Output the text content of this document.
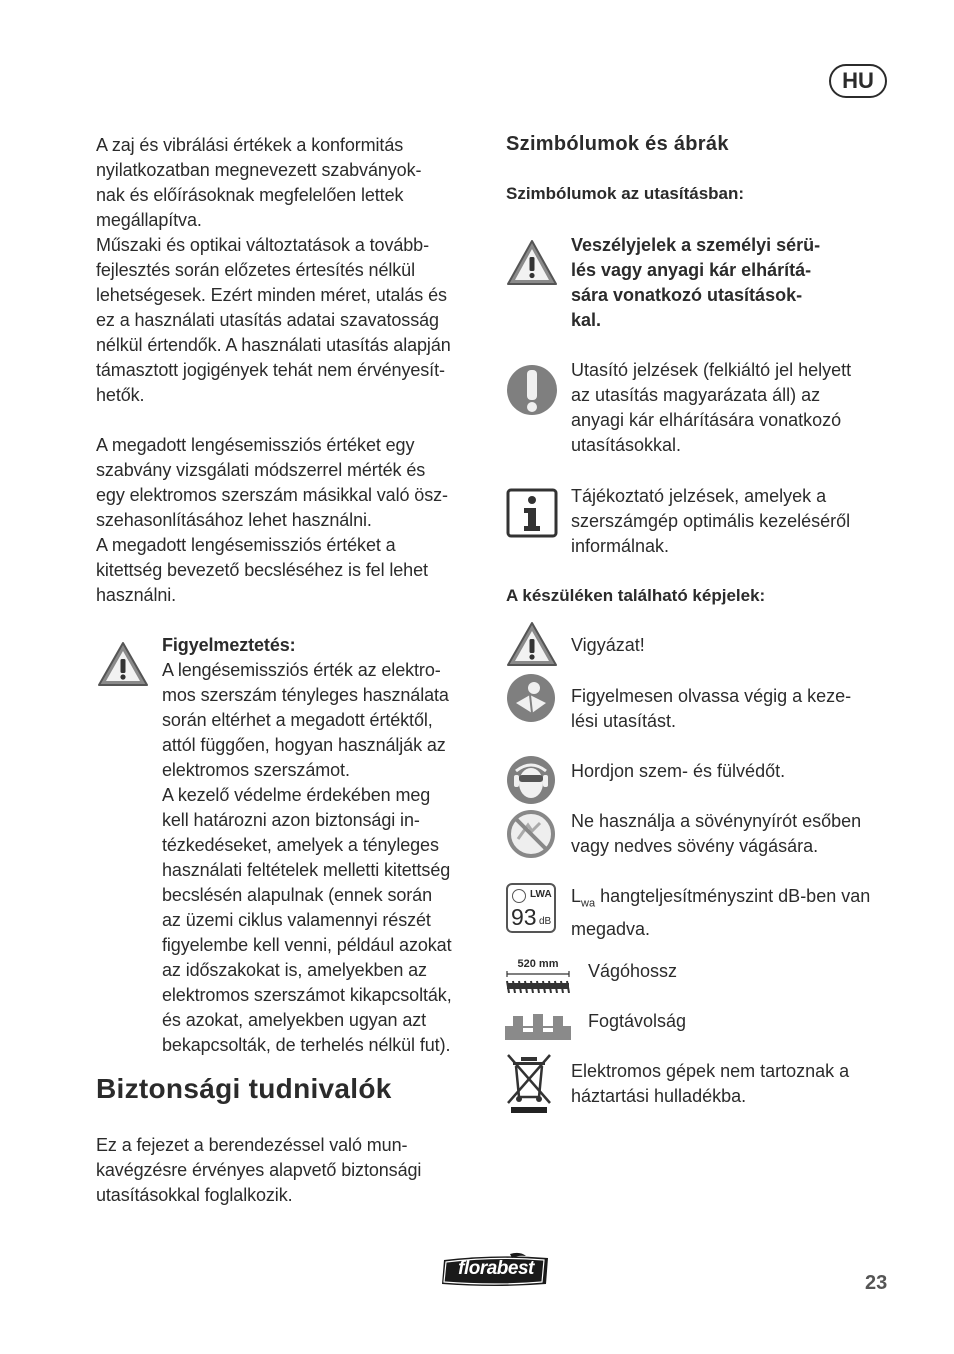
HU

A zaj és vibrálási értékek a konformitás

nyilatkozatban megnevezett szabványok-

nak és előírásoknak megfelelően lettek

megállapítva.

Műszaki és optikai változtatások a tovább-

fejlesztés során előzetes értesítés nélkül

lehetségesek. Ezért minden méret, utalás és

ez a használati utasítás adatai szavatosság

nélkül értendők. A használati utasítás alapján

támasztott jogigények tehát nem érvényesít-

hetők.

A megadott lengésemissziós értéket egy

szabvány vizsgálati módszerrel mérték és

egy elektromos szerszám másikkal való ösz-

szehasonlításához lehet használni.

A megadott lengésemissziós értéket a

kitettség bevezető becsléséhez is fel lehet

használni.

Figyelmeztetés:

A lengésemissziós érték az elektro-

mos szerszám tényleges használata

során eltérhet a megadott értéktől,

attól függően, hogyan használják az

elektromos szerszámot.

A kezelő védelme érdekében meg

kell határozni azon biztonsági in-

tézkedéseket, amelyek a tényleges

használati feltételek melletti kitettség

becslésén alapulnak (ennek során

az üzemi ciklus valamennyi részét

figyelembe kell venni, például azokat

az időszakokat is, amelyekben az

elektromos szerszámot kikapcsolták,

és azokat, amelyekben ugyan azt

bekapcsolták, de terhelés nélkül fut).

Biztonsági tudnivalók

Ez a fejezet a berendezéssel való mun-

kavégzésre érvényes alapvető biztonsági

utasításokkal foglalkozik.

Szimbólumok és ábrák

Szimbólumok az utasításban:

Veszélyjelek a személyi sérü-
lés vagy anyagi kár elhárítá-
sára vonatkozó utasítások-
kal.
Utasító jelzések (felkiáltó jel helyett
az utasítás magyarázata áll) az
anyagi kár elhárítására vonatkozó
utasításokkal.
Tájékoztató jelzések, amelyek a
szerszámgép optimális kezeléséről
informálnak.

A készüléken található képjelek:

Vigyázat!
Figyelmesen olvassa végig a keze-
lési utasítást.
Hordjon szem- és fülvédőt.
Ne használja a sövénynyírót esőben
vagy nedves sövény vágására.
LWA
93 dB
$L_{wa}$ hangteljesítményszint dB-ben van
megadva.
520 mm	Vágóhossz
Fogtávolság
Elektromos gépek nem tartoznak a
háztartási hulladékba.
florabest
23
